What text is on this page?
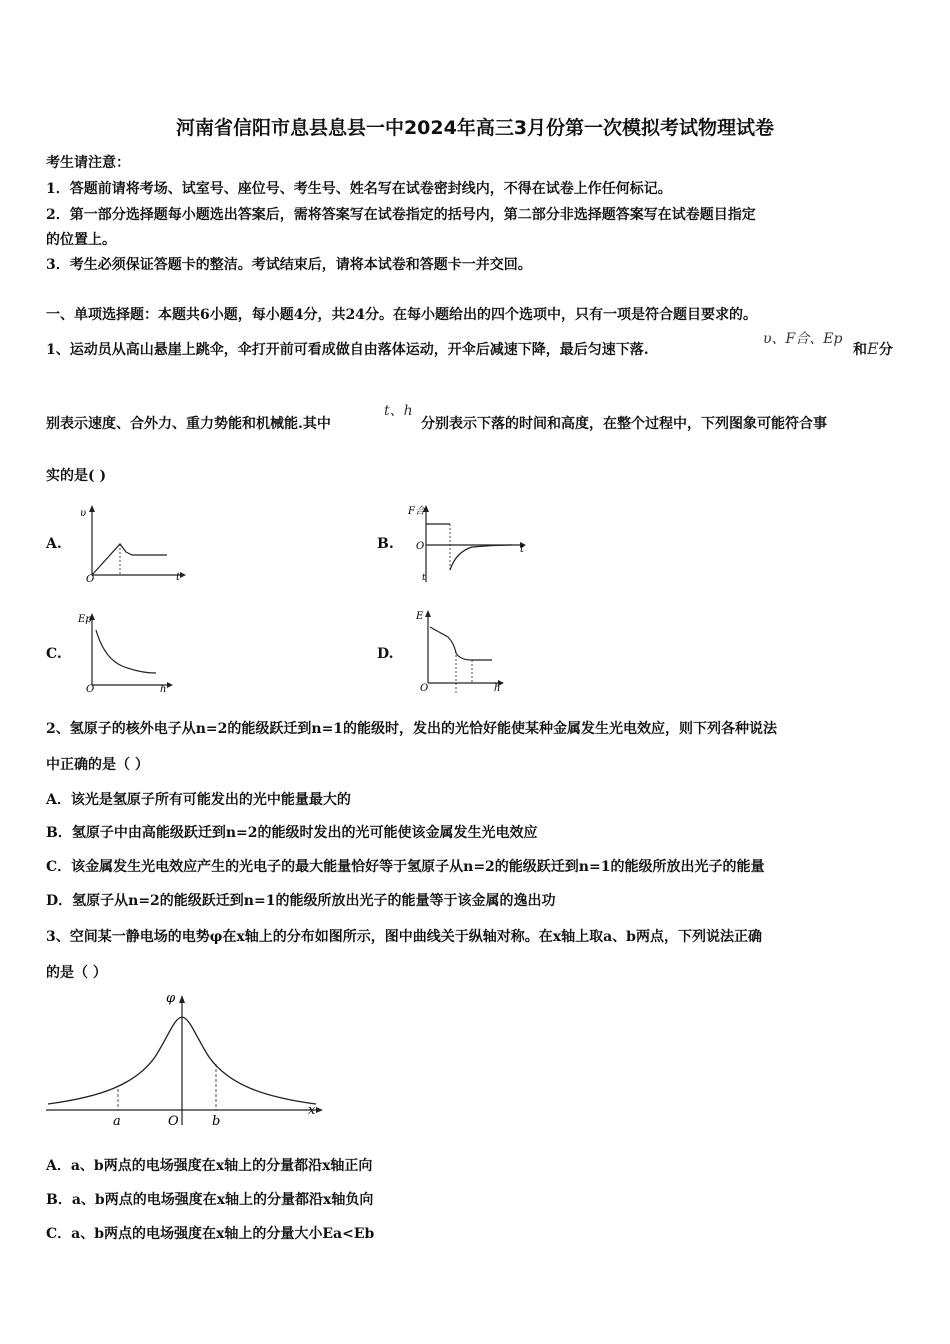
河南省信阳市息县息县一中2024年高三3月份第一次模拟考试物理试卷
考生请注意：
1．答题前请将考场、试室号、座位号、考生号、姓名写在试卷密封线内，不得在试卷上作任何标记。
2．第一部分选择题每小题选出答案后，需将答案写在试卷指定的括号内，第二部分非选择题答案写在试卷题目指定
的位置上。
3．考生必须保证答题卡的整洁。考试结束后，请将本试卷和答题卡一并交回。
一、单项选择题：本题共6小题，每小题4分，共24分。在每小题给出的四个选项中，只有一项是符合题目要求的。
1、运动员从高山悬崖上跳伞，伞打开前可看成做自由落体运动，开伞后减速下降，最后匀速下落.
υ、F合、Ep
和E分
别表示速度、合外力、重力势能和机械能.其中
t、h
分别表示下落的时间和高度，在整个过程中，下列图象可能符合事
实的是( )
A.	B.
C.	D.
υ
t
O
F合
t
O
t
Ep
h
O
E
h
O
2、氢原子的核外电子从n=2的能级跃迁到n=1的能级时，发出的光恰好能使某种金属发生光电效应，则下列各种说法
中正确的是（ ）
A．该光是氢原子所有可能发出的光中能量最大的
B．氢原子中由高能级跃迁到n=2的能级时发出的光可能使该金属发生光电效应
C．该金属发生光电效应产生的光电子的最大能量恰好等于氢原子从n=2的能级跃迁到n=1的能级所放出光子的能量
D．氢原子从n=2的能级跃迁到n=1的能级所放出光子的能量等于该金属的逸出功
3、空间某一静电场的电势φ在x轴上的分布如图所示，图中曲线关于纵轴对称。在x轴上取a、b两点，下列说法正确
的是（ ）
φ
x
O
a	b
A．a、b两点的电场强度在x轴上的分量都沿x轴正向
B．a、b两点的电场强度在x轴上的分量都沿x轴负向
C．a、b两点的电场强度在x轴上的分量大小Ea<Eb
